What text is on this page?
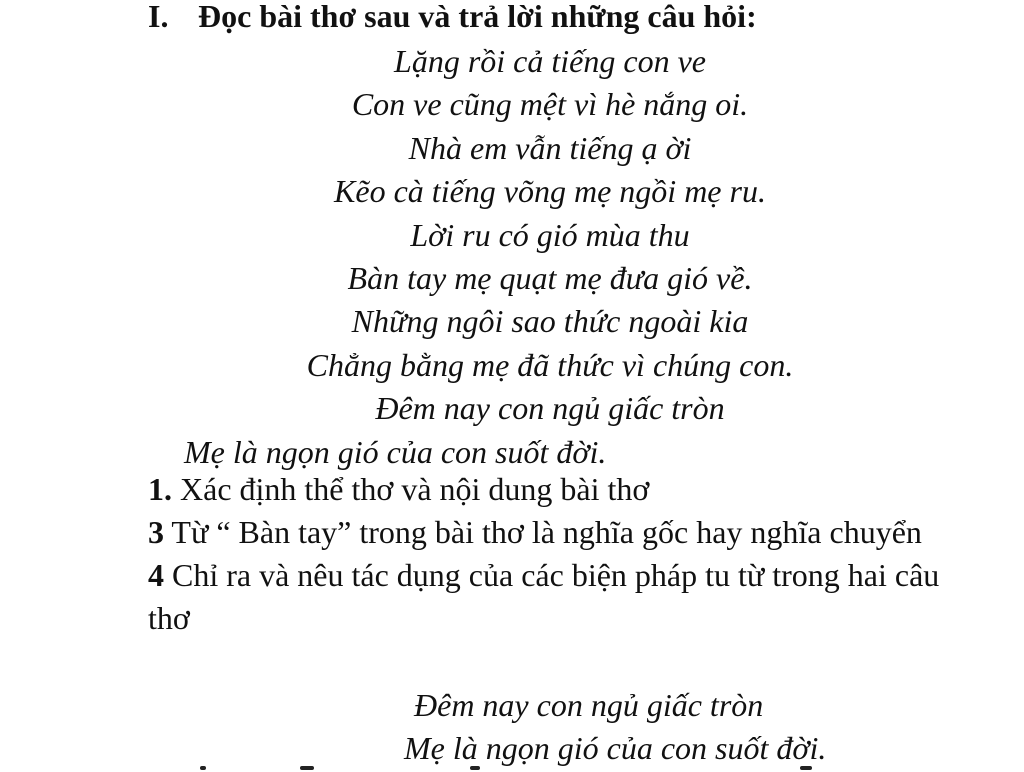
I. Đọc bài thơ sau và trả lời những câu hỏi:
Lặng rồi cả tiếng con ve
Con ve cũng mệt vì hè nắng oi.
Nhà em vẫn tiếng ạ ời
Kẽo cà tiếng võng mẹ ngồi mẹ ru.
Lời ru có gió mùa thu
Bàn tay mẹ quạt mẹ đưa gió về.
Những ngôi sao thức ngoài kia
Chẳng bằng mẹ đã thức vì chúng con.
Đêm nay con ngủ giấc tròn
Mẹ là ngọn gió của con suốt đời.

1. Xác định thể thơ và nội dung bài thơ

3 Từ “ Bàn tay” trong bài thơ là nghĩa gốc hay nghĩa chuyển

4 Chỉ ra và nêu tác dụng của các biện pháp tu từ trong hai câu thơ

Đêm nay con ngủ giấc tròn
Mẹ là ngọn gió của con suốt đời.
